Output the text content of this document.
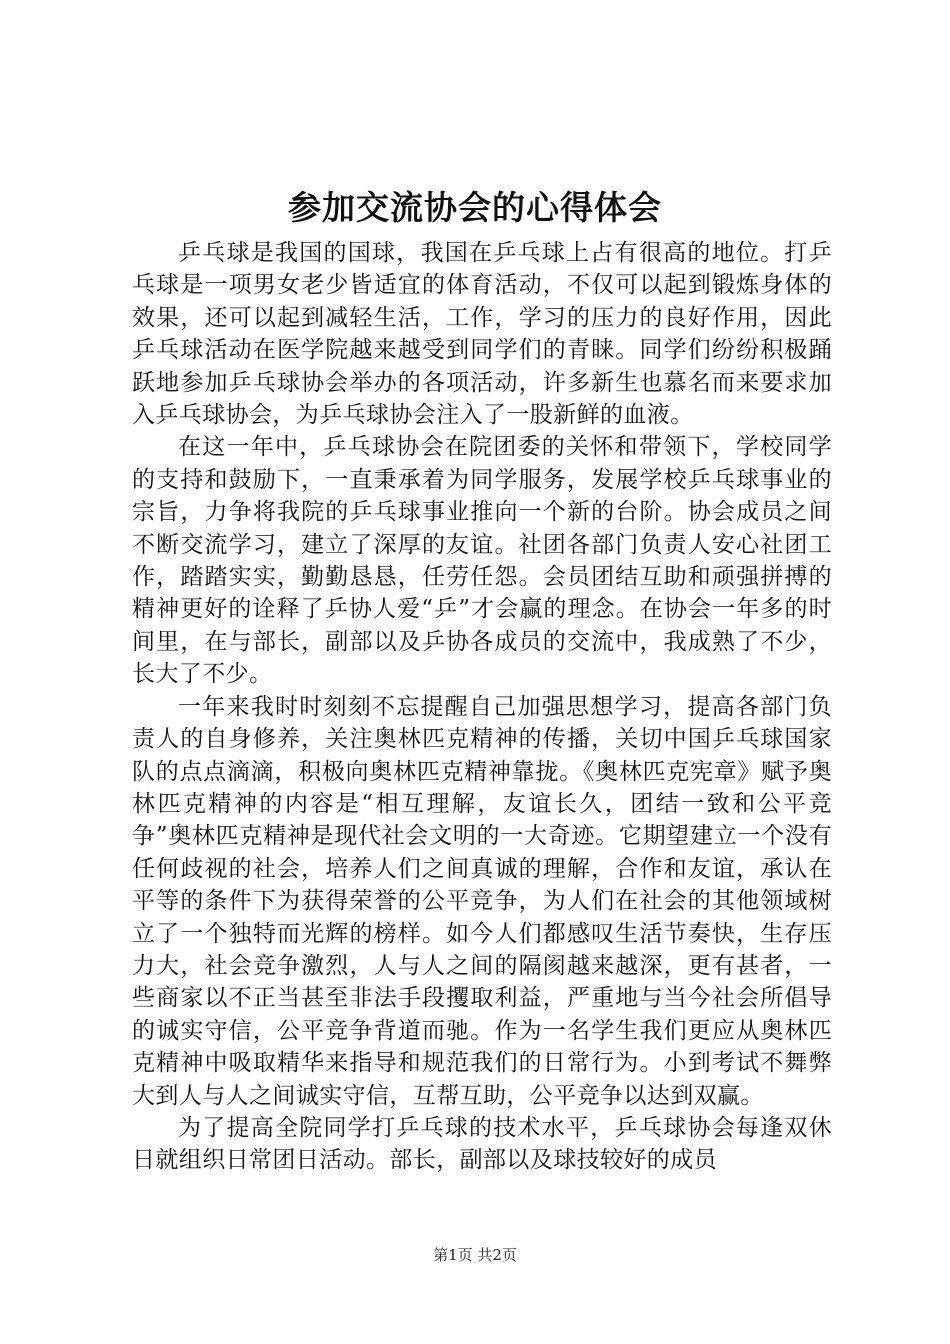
参加交流协会的心得体会

乒乓球是我国的国球，我国在乒乓球上占有很高的地位。打乒乓球是一项男女老少皆适宜的体育活动，不仅可以起到锻炼身体的效果，还可以起到减轻生活，工作，学习的压力的良好作用，因此乒乓球活动在医学院越来越受到同学们的青睐。同学们纷纷积极踊跃地参加乒乓球协会举办的各项活动，许多新生也慕名而来要求加入乒乓球协会，为乒乓球协会注入了一股新鲜的血液。

在这一年中，乒乓球协会在院团委的关怀和带领下，学校同学的支持和鼓励下，一直秉承着为同学服务，发展学校乒乓球事业的宗旨，力争将我院的乒乓球事业推向一个新的台阶。协会成员之间不断交流学习，建立了深厚的友谊。社团各部门负责人安心社团工作，踏踏实实，勤勤恳恳，任劳任怨。会员团结互助和顽强拼搏的精神更好的诠释了乒协人爱“乒”才会赢的理念。在协会一年多的时间里，在与部长，副部以及乒协各成员的交流中，我成熟了不少，长大了不少。

一年来我时时刻刻不忘提醒自己加强思想学习，提高各部门负责人的自身修养，关注奥林匹克精神的传播，关切中国乒乓球国家队的点点滴滴，积极向奥林匹克精神靠拢。《奥林匹克宪章》赋予奥林匹克精神的内容是“相互理解，友谊长久，团结一致和公平竞争”奥林匹克精神是现代社会文明的一大奇迹。它期望建立一个没有任何歧视的社会，培养人们之间真诚的理解，合作和友谊，承认在平等的条件下为获得荣誉的公平竞争，为人们在社会的其他领域树立了一个独特而光辉的榜样。如今人们都感叹生活节奏快，生存压力大，社会竞争激烈，人与人之间的隔阂越来越深，更有甚者，一些商家以不正当甚至非法手段攫取利益，严重地与当今社会所倡导的诚实守信，公平竞争背道而驰。作为一名学生我们更应从奥林匹克精神中吸取精华来指导和规范我们的日常行为。小到考试不舞弊大到人与人之间诚实守信，互帮互助，公平竞争以达到双赢。

为了提高全院同学打乒乓球的技术水平，乒乓球协会每逢双休日就组织日常团日活动。部长，副部以及球技较好的成员

第1页 共2页
